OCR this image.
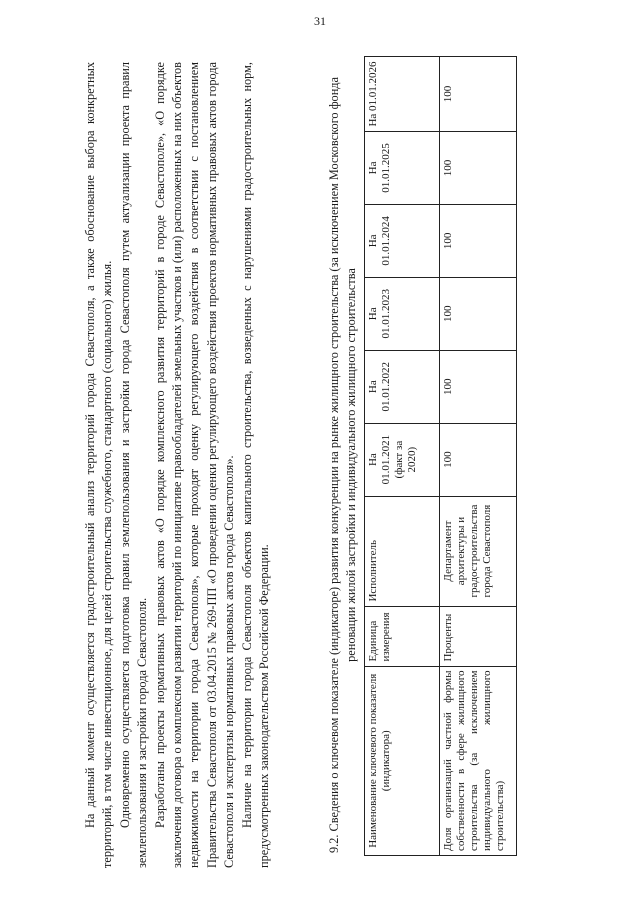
31

На данный момент осуществляется градостроительный анализ территорий города Севастополя, а также обоснование выбора конкретных территорий, в том числе инвестиционное, для целей строительства служебного, стандартного (социального) жилья. Одновременно осуществляется подготовка правил землепользования и застройки города Севастополя путем актуализации проекта правил землепользования и застройки города Севастополя. Разработаны проекты нормативных правовых актов «О порядке комплексного развития территорий в городе Севастополе», «О порядке заключения договора о комплексном развитии территорий по инициативе правообладателей земельных участков и (или) расположенных на них объектов недвижимости на территории города Севастополя», которые проходят оценку регулирующего воздействия в соответствии с постановлением Правительства Севастополя от 03.04.2015 № 269-ПП «О проведении оценки регулирующего воздействия проектов нормативных правовых актов города Севастополя и экспертизы нормативных правовых актов города Севастополя». Наличие на территории города Севастополя объектов капитального строительства, возведенных с нарушениями градостроительных норм, предусмотренных законодательством Российской Федерации.	9.2. Сведения о ключевом показателе (индикаторе) развития конкуренции на рынке жилищного строительства (за исключением Московского фонда реновации жилой застройки и индивидуального жилищного строительства
Наименование ключевого показателя (индикатора)	Единица измерения	Исполнитель	На 01.01.2021 (факт за 2020)	На 01.01.2022	На 01.01.2023	На 01.01.2024	На 01.01.2025	На 01.01.2026
Доля организаций частной формы собственности в сфере жилищного строительства (за исключением индивидуального жилищного строительства)	Проценты	Департамент архитектуры и градостроительства города Севастополя	100	100	100	100	100	100
